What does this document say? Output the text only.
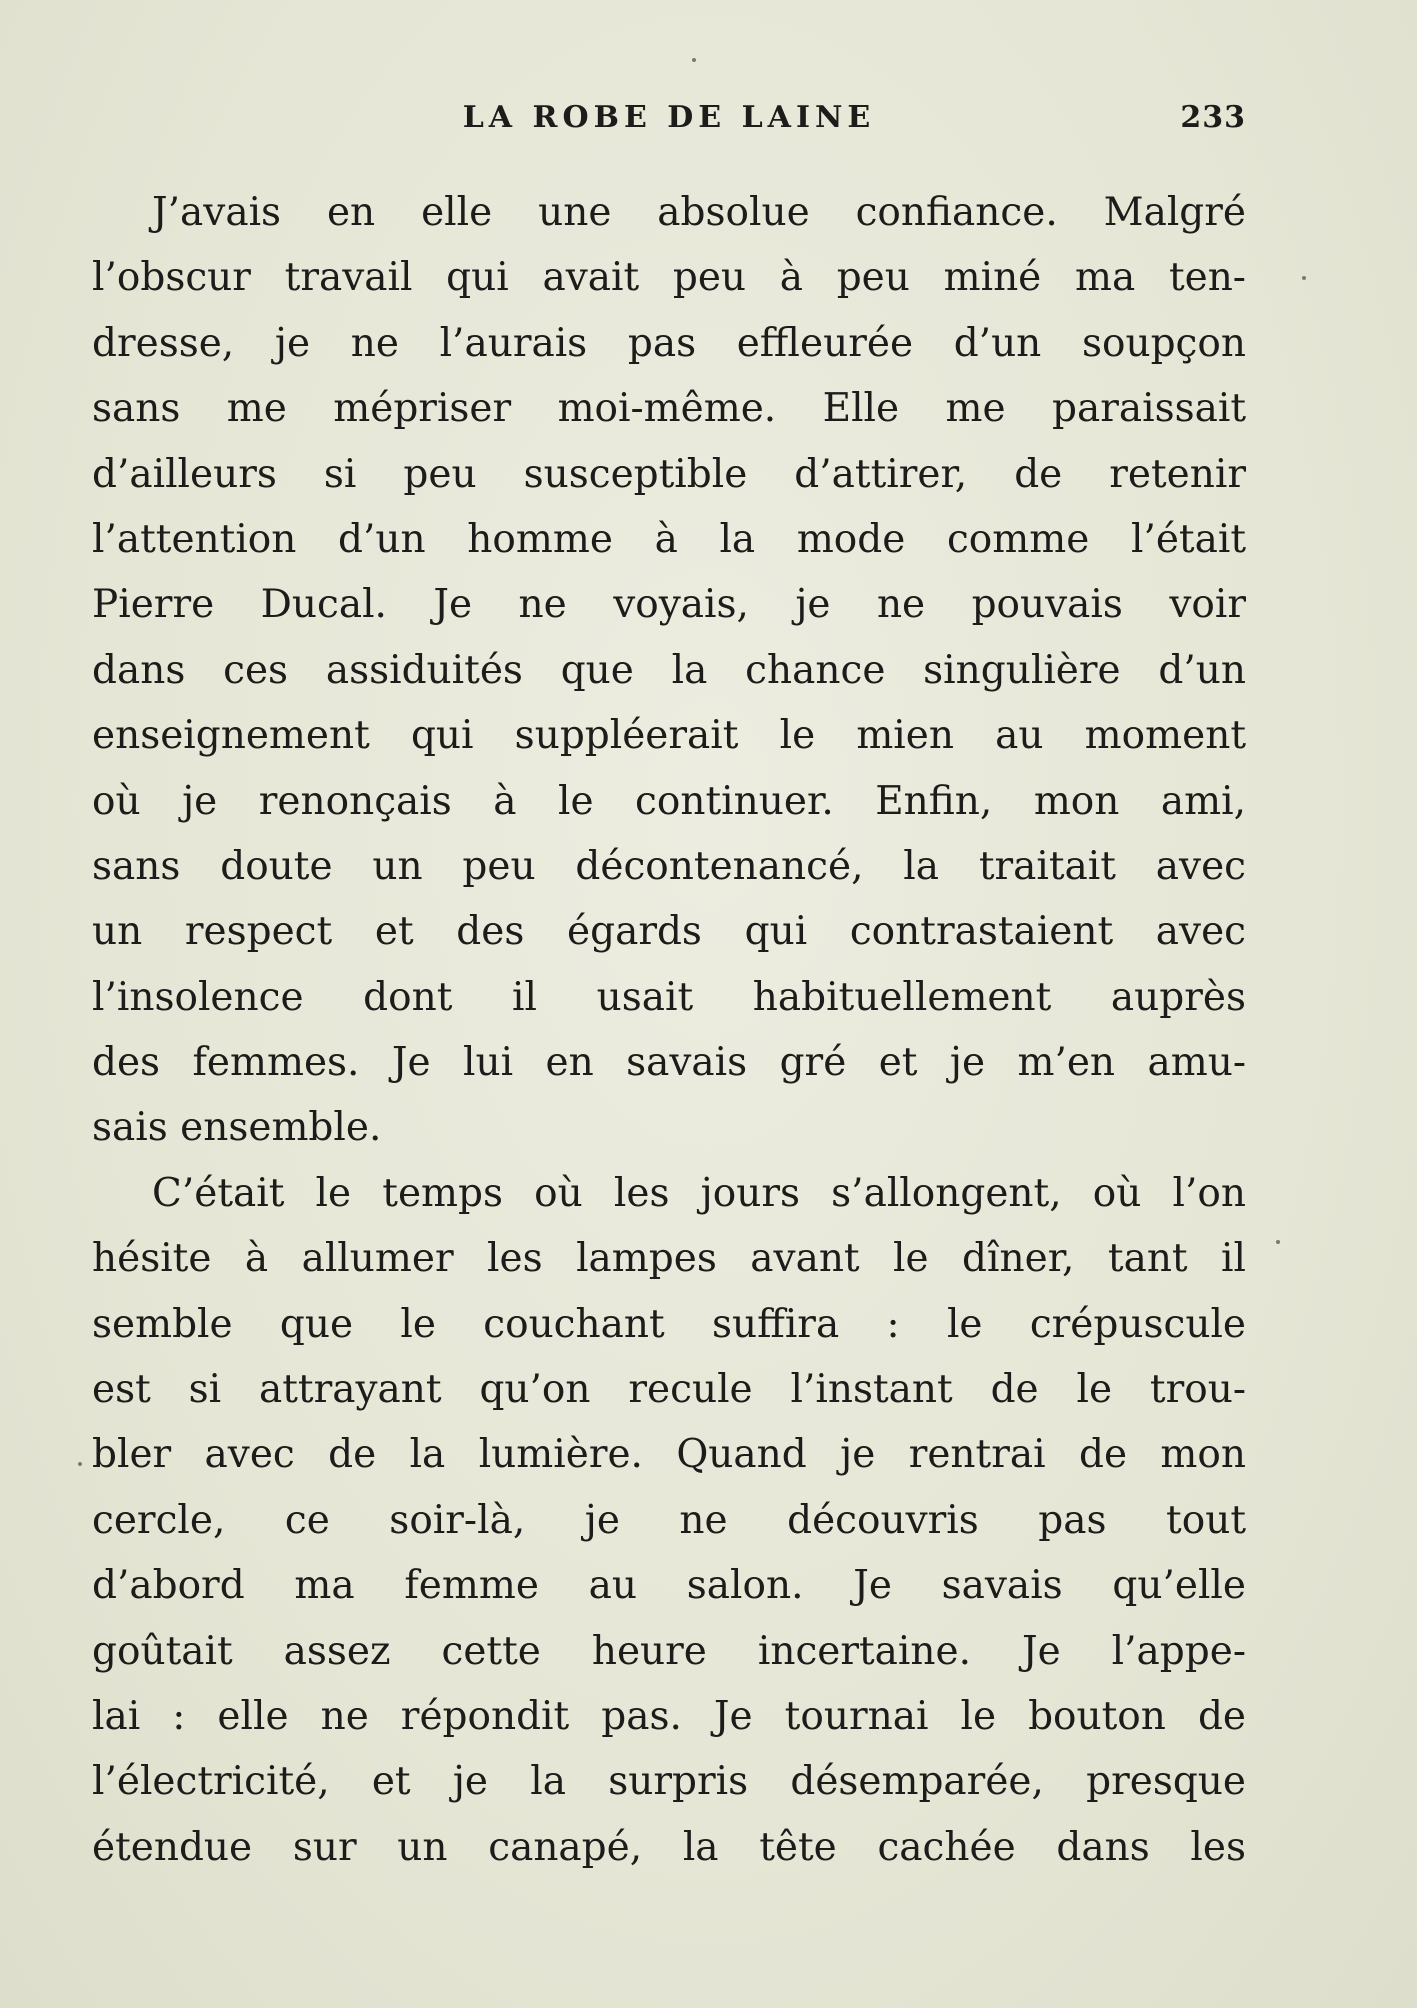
LA ROBE DE LAINE	233
J’avais en elle une absolue confiance. Malgré
l’obscur travail qui avait peu à peu miné ma ten-
dresse, je ne l’aurais pas effleurée d’un soupçon
sans me mépriser moi-même. Elle me paraissait
d’ailleurs si peu susceptible d’attirer, de retenir
l’attention d’un homme à la mode comme l’était
Pierre Ducal. Je ne voyais, je ne pouvais voir
dans ces assiduités que la chance singulière d’un
enseignement qui suppléerait le mien au moment
où je renonçais à le continuer. Enfin, mon ami,
sans doute un peu décontenancé, la traitait avec
un respect et des égards qui contrastaient avec
l’insolence dont il usait habituellement auprès
des femmes. Je lui en savais gré et je m’en amu-
sais ensemble.
C’était le temps où les jours s’allongent, où l’on
hésite à allumer les lampes avant le dîner, tant il
semble que le couchant suffira : le crépuscule
est si attrayant qu’on recule l’instant de le trou-
bler avec de la lumière. Quand je rentrai de mon
cercle, ce soir-là, je ne découvris pas tout
d’abord ma femme au salon. Je savais qu’elle
goûtait assez cette heure incertaine. Je l’appe-
lai : elle ne répondit pas. Je tournai le bouton de
l’électricité, et je la surpris désemparée, presque
étendue sur un canapé, la tête cachée dans les
